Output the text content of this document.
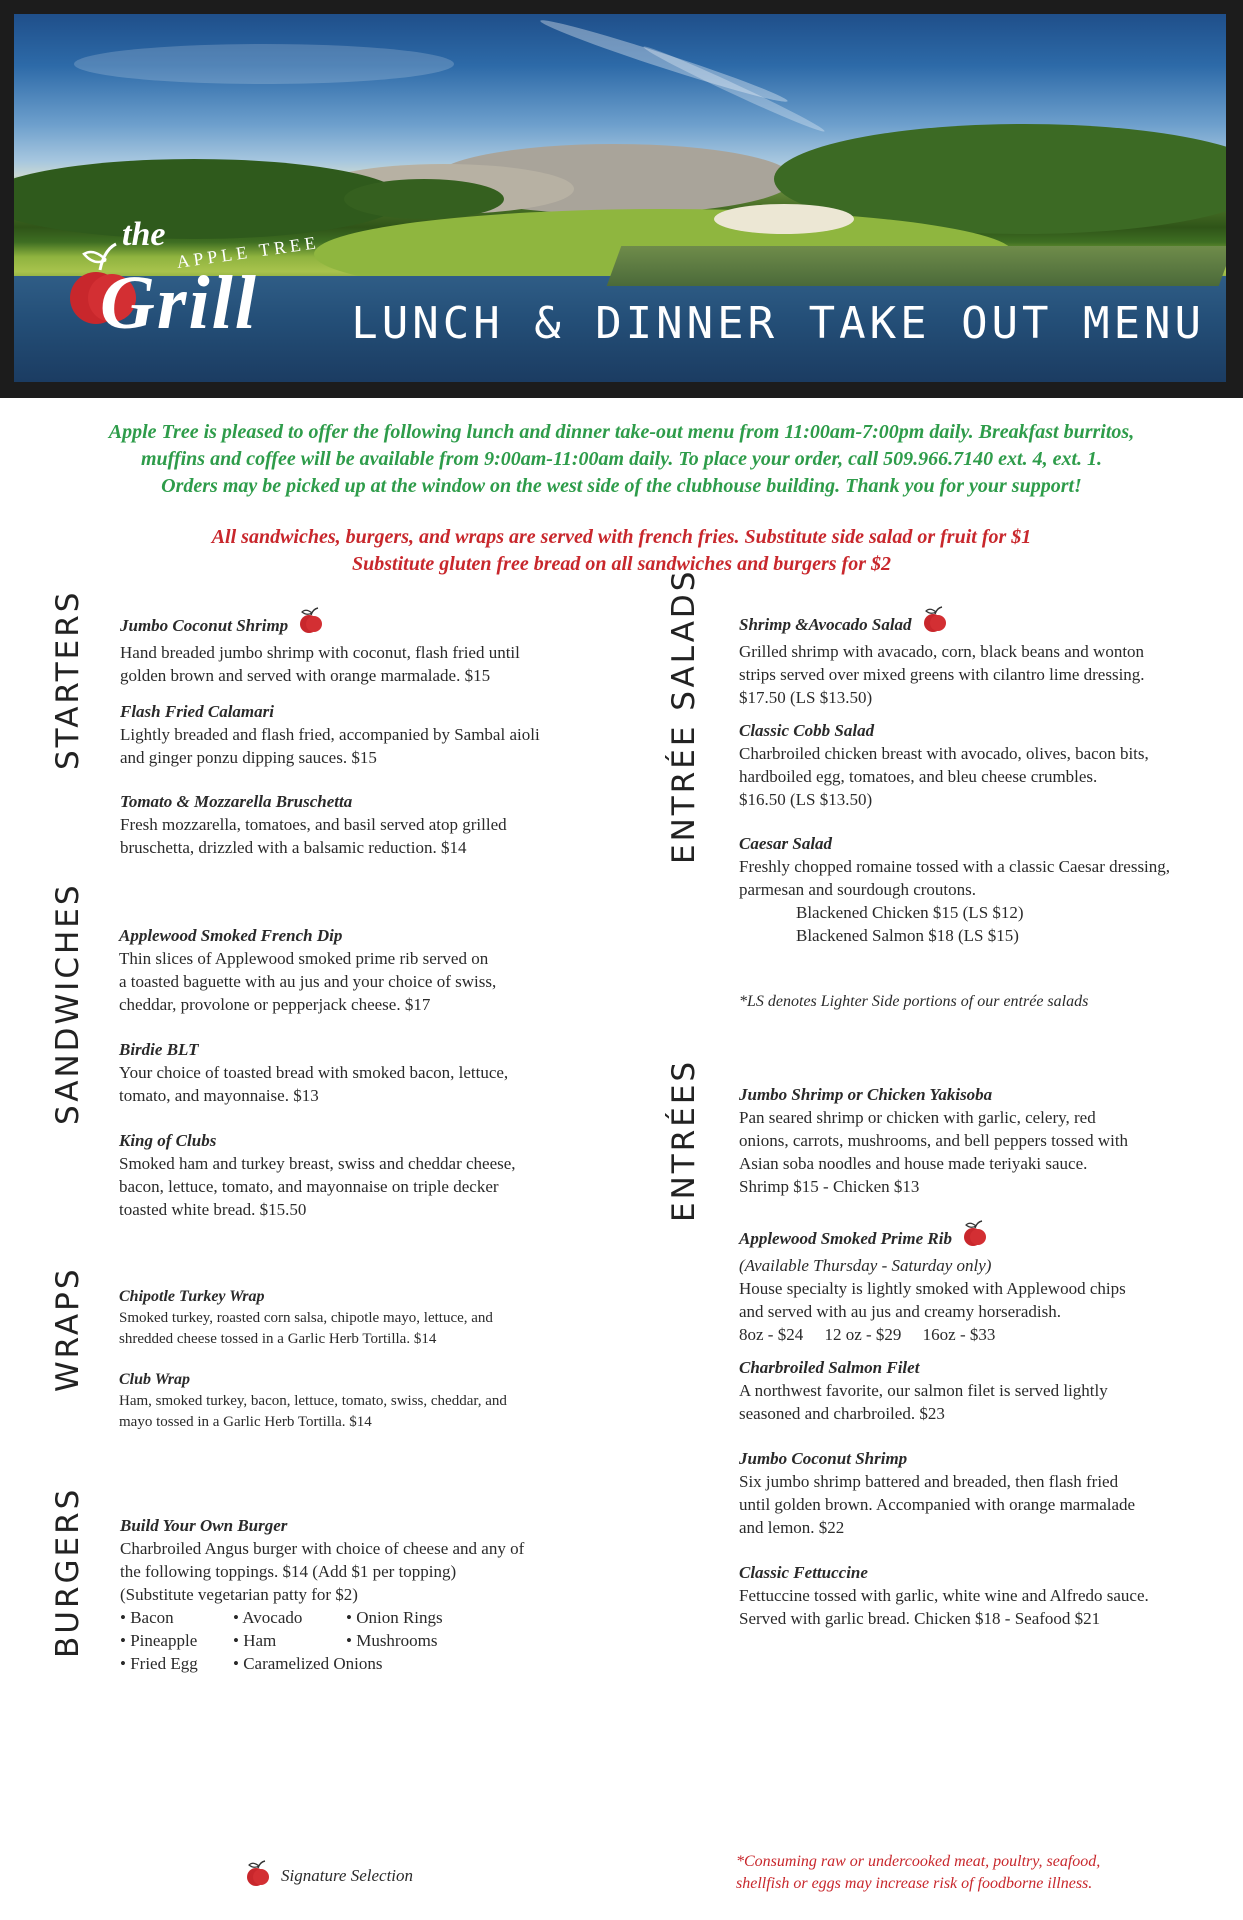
the APPLE TREE
Grill LUNCH & DINNER TAKE OUT MENU
Apple Tree is pleased to offer the following lunch and dinner take-out menu from 11:00am-7:00pm daily. Breakfast burritos,
muffins and coffee will be available from 9:00am-11:00am daily. To place your order, call 509.966.7140 ext. 4, ext. 1.
Orders may be picked up at the window on the west side of the clubhouse building. Thank you for your support!
All sandwiches, burgers, and wraps are served with french fries. Substitute side salad or fruit for $1
Substitute gluten free bread on all sandwiches and burgers for $2
STARTERS
SANDWICHES
WRAPS
BURGERS
ENTRÉE SALADS
ENTRÉES
Jumbo Coconut Shrimp
Hand breaded jumbo shrimp with coconut, flash fried until
golden brown and served with orange marmalade. $15
Flash Fried Calamari
Lightly breaded and flash fried, accompanied by Sambal aioli
and ginger ponzu dipping sauces. $15
Tomato & Mozzarella Bruschetta
Fresh mozzarella, tomatoes, and basil served atop grilled
bruschetta, drizzled with a balsamic reduction. $14
Applewood Smoked French Dip
Thin slices of Applewood smoked prime rib served on
a toasted baguette with au jus and your choice of swiss,
cheddar, provolone or pepperjack cheese. $17
Birdie BLT
Your choice of toasted bread with smoked bacon, lettuce,
tomato, and mayonnaise. $13
King of Clubs
Smoked ham and turkey breast, swiss and cheddar cheese,
bacon, lettuce, tomato, and mayonnaise on triple decker
toasted white bread. $15.50
Chipotle Turkey Wrap
Smoked turkey, roasted corn salsa, chipotle mayo, lettuce, and
shredded cheese tossed in a Garlic Herb Tortilla. $14
Club Wrap
Ham, smoked turkey, bacon, lettuce, tomato, swiss, cheddar, and
mayo tossed in a Garlic Herb Tortilla. $14
Build Your Own Burger
Charbroiled Angus burger with choice of cheese and any of
the following toppings. $14 (Add $1 per topping)
(Substitute vegetarian patty for $2)
• Bacon	• Avocado	• Onion Rings
• Pineapple	• Ham	• Mushrooms
• Fried Egg	• Caramelized Onions
Shrimp &Avocado Salad
Grilled shrimp with avacado, corn, black beans and wonton
strips served over mixed greens with cilantro lime dressing.
$17.50 (LS $13.50)
Classic Cobb Salad
Charbroiled chicken breast with avocado, olives, bacon bits,
hardboiled egg, tomatoes, and bleu cheese crumbles.
$16.50 (LS $13.50)
Caesar Salad
Freshly chopped romaine tossed with a classic Caesar dressing,
parmesan and sourdough croutons.
Blackened Chicken $15 (LS $12)
Blackened Salmon $18 (LS $15)
*LS denotes Lighter Side portions of our entrée salads
Jumbo Shrimp or Chicken Yakisoba
Pan seared shrimp or chicken with garlic, celery, red
onions, carrots, mushrooms, and bell peppers tossed with
Asian soba noodles and house made teriyaki sauce.
Shrimp $15 - Chicken $13
Applewood Smoked Prime Rib
(Available Thursday - Saturday only)
House specialty is lightly smoked with Applewood chips
and served with au jus and creamy horseradish.
8oz - $24     12 oz - $29     16oz - $33
Charbroiled Salmon Filet
A northwest favorite, our salmon filet is served lightly
seasoned and charbroiled. $23
Jumbo Coconut Shrimp
Six jumbo shrimp battered and breaded, then flash fried
until golden brown. Accompanied with orange marmalade
and lemon. $22
Classic Fettuccine
Fettuccine tossed with garlic, white wine and Alfredo sauce.
Served with garlic bread. Chicken $18 - Seafood $21
Signature Selection
*Consuming raw or undercooked meat, poultry, seafood,
shellfish or eggs may increase risk of foodborne illness.
